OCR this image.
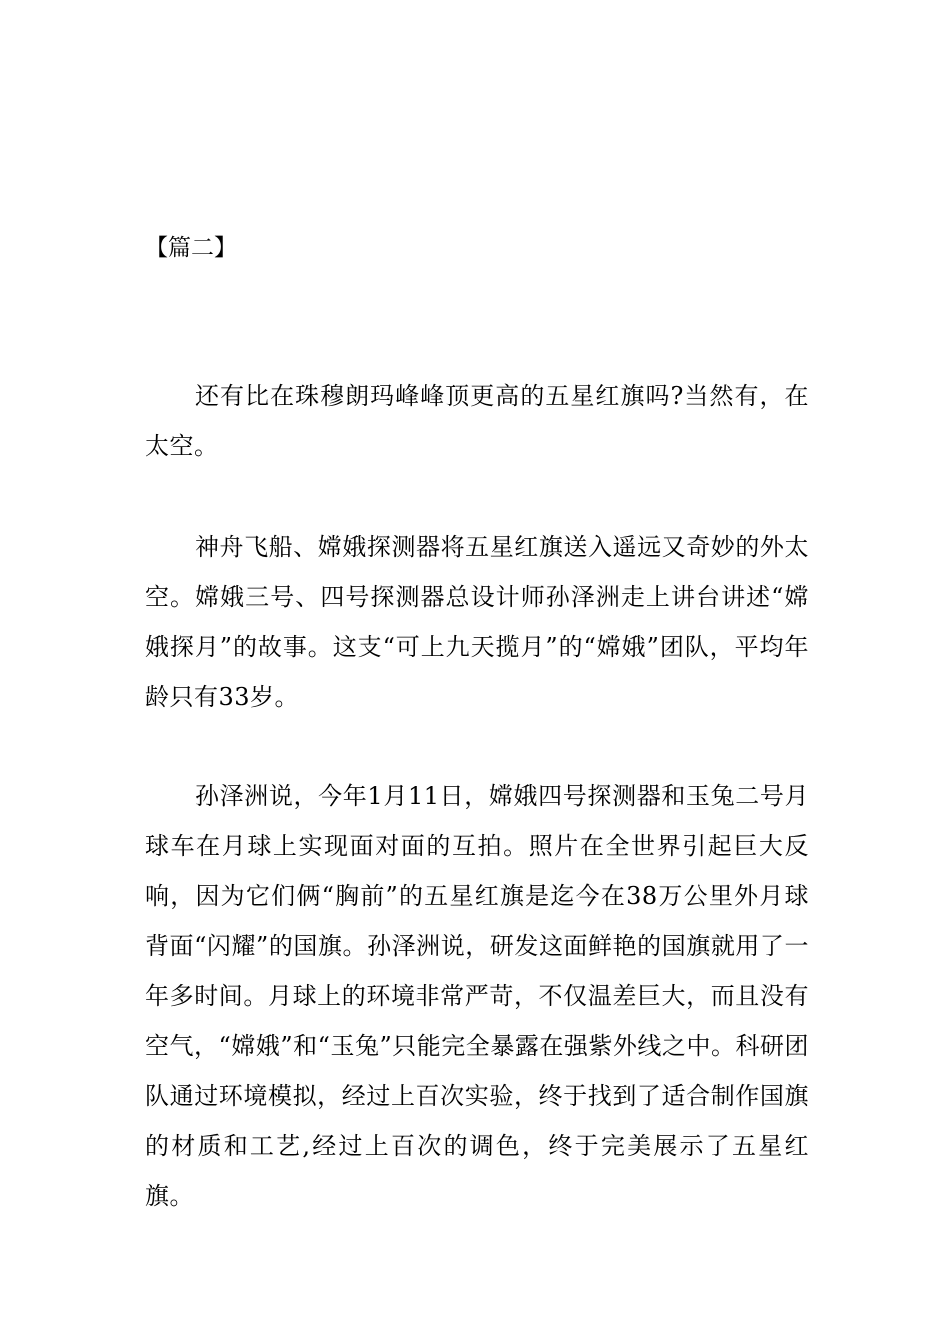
【篇二】

还有比在珠穆朗玛峰峰顶更高的五星红旗吗?当然有，在太空。

神舟飞船、嫦娥探测器将五星红旗送入遥远又奇妙的外太空。嫦娥三号、四号探测器总设计师孙泽洲走上讲台讲述“嫦娥探月”的故事。这支“可上九天揽月”的“嫦娥”团队，平均年龄只有33岁。

孙泽洲说，今年1月11日，嫦娥四号探测器和玉兔二号月球车在月球上实现面对面的互拍。照片在全世界引起巨大反响，因为它们俩“胸前”的五星红旗是迄今在38万公里外月球背面“闪耀”的国旗。孙泽洲说，研发这面鲜艳的国旗就用了一年多时间。月球上的环境非常严苛，不仅温差巨大，而且没有空气，“嫦娥”和“玉兔”只能完全暴露在强紫外线之中。科研团队通过环境模拟，经过上百次实验，终于找到了适合制作国旗的材质和工艺,经过上百次的调色，终于完美展示了五星红旗。
